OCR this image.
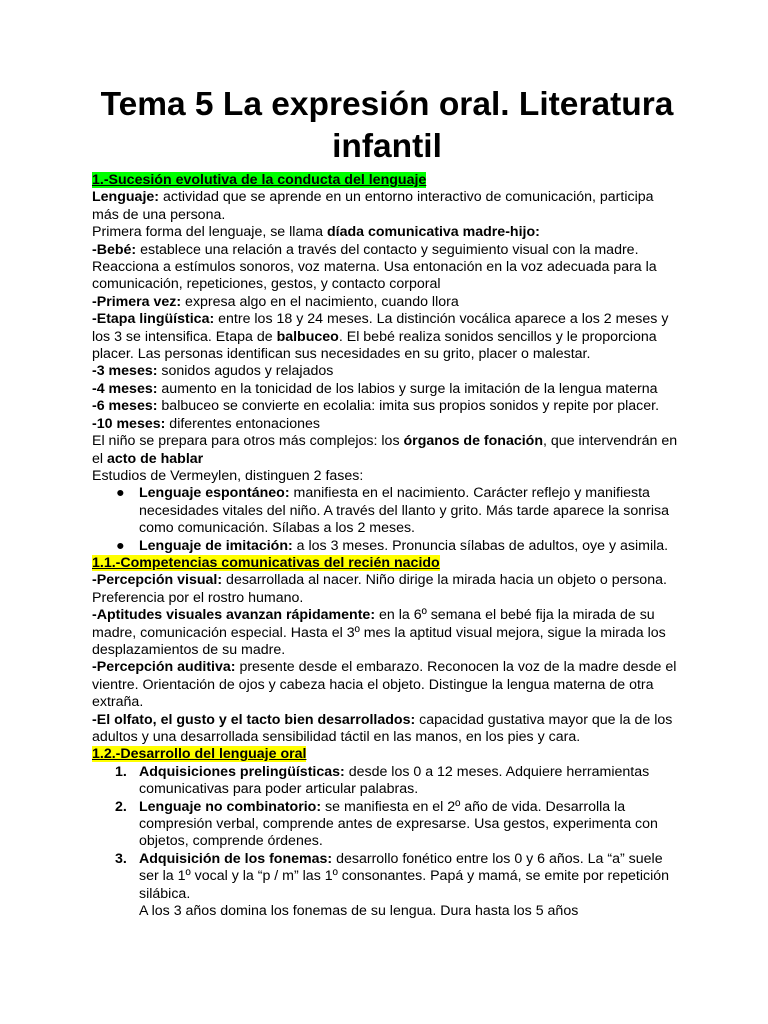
Tema 5 La expresión oral. Literatura infantil

1.-Sucesión evolutiva de la conducta del lenguaje

Lenguaje: actividad que se aprende en un entorno interactivo de comunicación, participa más de una persona.

Primera forma del lenguaje, se llama díada comunicativa madre-hijo:

-Bebé: establece una relación a través del contacto y seguimiento visual con la madre. Reacciona a estímulos sonoros, voz materna. Usa entonación en la voz adecuada para la comunicación, repeticiones, gestos, y contacto corporal

-Primera vez: expresa algo en el nacimiento, cuando llora

-Etapa lingüística: entre los 18 y 24 meses. La distinción vocálica aparece a los 2 meses y los 3 se intensifica. Etapa de balbuceo. El bebé realiza sonidos sencillos y le proporciona placer. Las personas identifican sus necesidades en su grito, placer o malestar.

-3 meses: sonidos agudos y relajados

-4 meses: aumento en la tonicidad de los labios y surge la imitación de la lengua materna

-6 meses: balbuceo se convierte en ecolalia: imita sus propios sonidos y repite por placer.

-10 meses: diferentes entonaciones

El niño se prepara para otros más complejos: los órganos de fonación, que intervendrán en el acto de hablar

Estudios de Vermeylen, distinguen 2 fases:

● Lenguaje espontáneo: manifiesta en el nacimiento. Carácter reflejo y manifiesta necesidades vitales del niño. A través del llanto y grito. Más tarde aparece la sonrisa como comunicación. Sílabas a los 2 meses.
● Lenguaje de imitación: a los 3 meses. Pronuncia sílabas de adultos, oye y asimila.

1.1.-Competencias comunicativas del recién nacido

-Percepción visual: desarrollada al nacer. Niño dirige la mirada hacia un objeto o persona. Preferencia por el rostro humano.

-Aptitudes visuales avanzan rápidamente: en la 6º semana el bebé fija la mirada de su madre, comunicación especial. Hasta el 3º mes la aptitud visual mejora, sigue la mirada los desplazamientos de su madre.

-Percepción auditiva: presente desde el embarazo. Reconocen la voz de la madre desde el vientre. Orientación de ojos y cabeza hacia el objeto. Distingue la lengua materna de otra extraña.

-El olfato, el gusto y el tacto bien desarrollados: capacidad gustativa mayor que la de los adultos y una desarrollada sensibilidad táctil en las manos, en los pies y cara.

1.2.-Desarrollo del lenguaje oral

1. Adquisiciones prelingüísticas: desde los 0 a 12 meses. Adquiere herramientas comunicativas para poder articular palabras.
2. Lenguaje no combinatorio: se manifiesta en el 2º año de vida. Desarrolla la compresión verbal, comprende antes de expresarse. Usa gestos, experimenta con objetos, comprende órdenes.
3. Adquisición de los fonemas: desarrollo fonético entre los 0 y 6 años. La “a” suele ser la 1º vocal y la “p / m” las 1º consonantes. Papá y mamá, se emite por repetición silábica.
A los 3 años domina los fonemas de su lengua. Dura hasta los 5 años
